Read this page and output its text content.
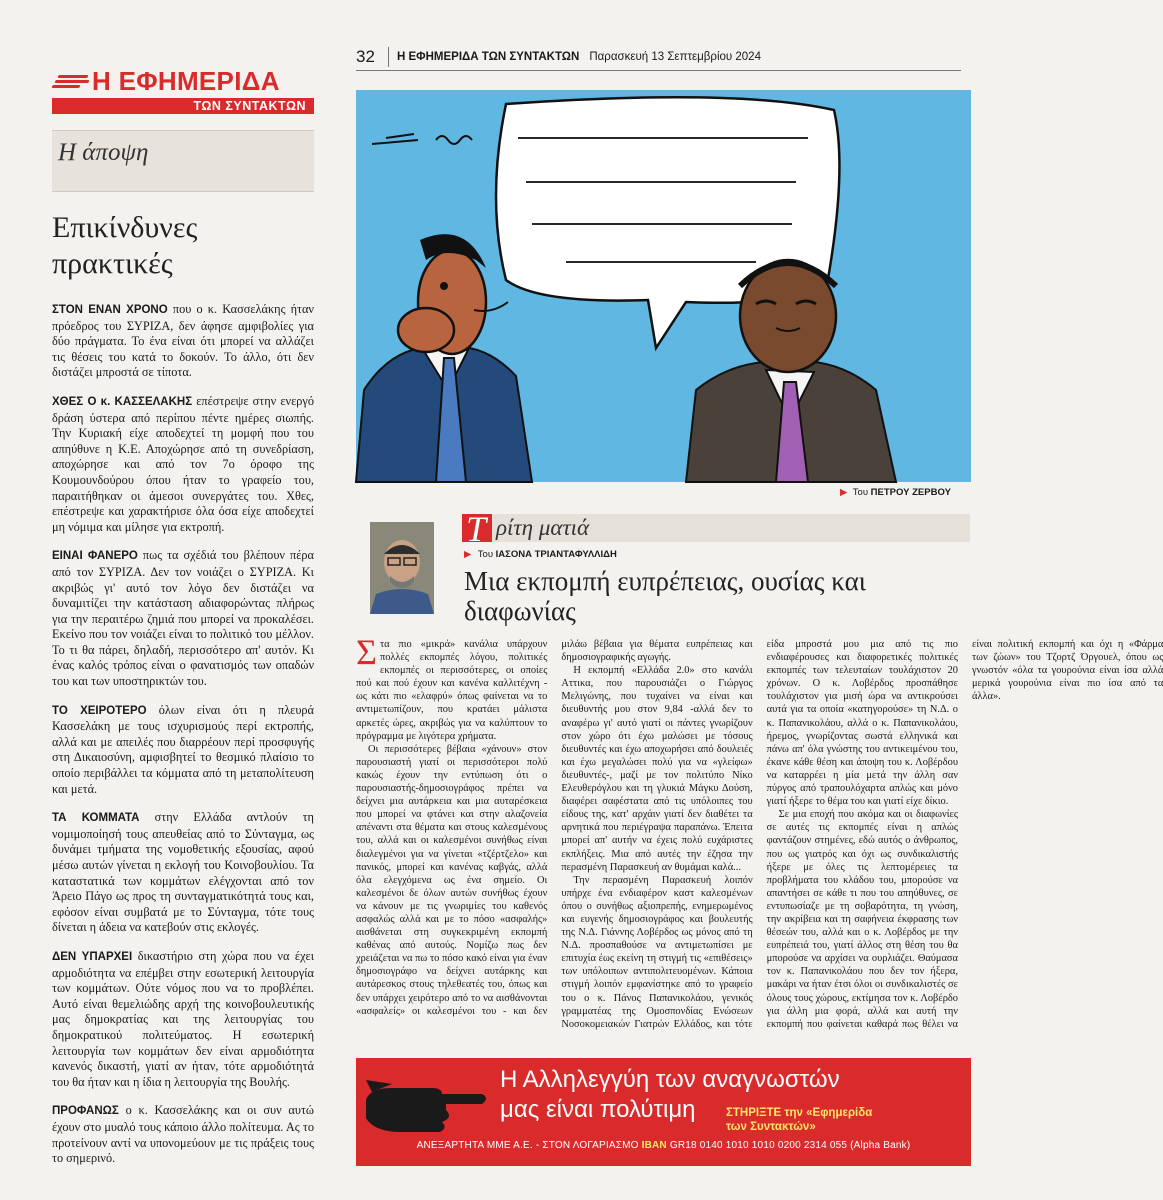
Η ΕΦΗΜΕΡΙΔΑ
ΤΩΝ ΣΥΝΤΑΚΤΩΝ
Η άποψη
Επικίνδυνες πρακτικές

ΣΤΟΝ ΕΝΑΝ ΧΡΟΝΟ που ο κ. Κασσελάκης ήταν πρόεδρος του ΣΥΡΙΖΑ, δεν άφησε αμφιβολίες για δύο πράγματα. Το ένα είναι ότι μπορεί να αλλάζει τις θέσεις του κατά το δοκούν. Το άλλο, ότι δεν διστάζει μπροστά σε τίποτα.

ΧΘΕΣ Ο κ. ΚΑΣΣΕΛΑΚΗΣ επέστρεψε στην ενεργό δράση ύστερα από περίπου πέντε ημέρες σιωπής. Την Κυριακή είχε αποδεχτεί τη μομφή που του απηύθυνε η Κ.Ε. Αποχώρησε από τη συνεδρίαση, αποχώρησε και από τον 7ο όροφο της Κουμουνδούρου όπου ήταν το γραφείο του, παραιτήθηκαν οι άμεσοι συνεργάτες του. Χθες, επέστρεψε και χαρακτήρισε όλα όσα είχε αποδεχτεί μη νόμιμα και μίλησε για εκτροπή.

ΕΙΝΑΙ ΦΑΝΕΡΟ πως τα σχέδιά του βλέπουν πέρα από τον ΣΥΡΙΖΑ. Δεν τον νοιάζει ο ΣΥΡΙΖΑ. Κι ακριβώς γι' αυτό τον λόγο δεν διστάζει να δυναμιτίζει την κατάσταση αδιαφορώντας πλήρως για την περαιτέρω ζημιά που μπορεί να προκαλέσει. Εκείνο που τον νοιάζει είναι το πολιτικό του μέλλον. Το τι θα πάρει, δηλαδή, περισσότερο απ' αυτόν. Κι ένας καλός τρόπος είναι ο φανατισμός των οπαδών του και των υποστηρικτών του.

ΤΟ ΧΕΙΡΟΤΕΡΟ όλων είναι ότι η πλευρά Κασσελάκη με τους ισχυρισμούς περί εκτροπής, αλλά και με απειλές που διαρρέουν περί προσφυγής στη Δικαιοσύνη, αμφισβητεί το θεσμικό πλαίσιο το οποίο περιβάλλει τα κόμματα από τη μεταπολίτευση και μετά.

ΤΑ ΚΟΜΜΑΤΑ στην Ελλάδα αντλούν τη νομιμοποίησή τους απευθείας από το Σύνταγμα, ως δυνάμει τμήματα της νομοθετικής εξουσίας, αφού μέσω αυτών γίνεται η εκλογή του Κοινοβουλίου. Τα καταστατικά των κομμάτων ελέγχονται από τον Άρειο Πάγο ως προς τη συνταγματικότητά τους και, εφόσον είναι συμβατά με το Σύνταγμα, τότε τους δίνεται η άδεια να κατεβούν στις εκλογές.

ΔΕΝ ΥΠΑΡΧΕΙ δικαστήριο στη χώρα που να έχει αρμοδιότητα να επέμβει στην εσωτερική λειτουργία των κομμάτων. Ούτε νόμος που να το προβλέπει. Αυτό είναι θεμελιώδης αρχή της κοινοβουλευτικής μας δημοκρατίας και της λειτουργίας του δημοκρατικού πολιτεύματος. Η εσωτερική λειτουργία των κομμάτων δεν είναι αρμοδιότητα κανενός δικαστή, γιατί αν ήταν, τότε αρμοδιότητά του θα ήταν και η ίδια η λειτουργία της Βουλής.

ΠΡΟΦΑΝΩΣ ο κ. Κασσελάκης και οι συν αυτώ έχουν στο μυαλό τους κάποιο άλλο πολίτευμα. Ας το προτείνουν αντί να υπονομεύουν με τις πράξεις τους το σημερινό.

32	Η ΕΦΗΜΕΡΙΔΑ ΤΩΝ ΣΥΝΤΑΚΤΩΝ Παρασκευή 13 Σεπτεμβρίου 2024
▶ Του ΠΕΤΡΟΥ ΖΕΡΒΟΥ
Τ ρίτη ματιά
▶ Του ΙΑΣΟΝΑ ΤΡΙΑΝΤΑΦΥΛΛΙΔΗ
Μια εκπομπή ευπρέπειας, ουσίας και διαφωνίας

Στα πιο «μικρά» κανάλια υπάρχουν πολλές εκπομπές λόγου, πολιτικές εκπομπές οι περισσότερες, οι οποίες πού και πού έχουν και κανένα καλλιτέχνη - ως κάτι πιο «ελαφρύ» όπως φαίνεται να το αντιμετωπίζουν, που κρατάει μάλιστα αρκετές ώρες, ακριβώς για να καλύπτουν το πρόγραμμα με λιγότερα χρήματα.

Οι περισσότερες βέβαια «χάνουν» στον παρουσιαστή γιατί οι περισσότεροι πολύ κακώς έχουν την εντύπωση ότι ο παρουσιαστής-δημοσιογράφος πρέπει να δείχνει μια αυτάρκεια και μια αυταρέσκεια που μπορεί να φτάνει και στην αλαζονεία απέναντι στα θέματα και στους καλεσμένους του, αλλά και οι καλεσμένοι συνήθως είναι διαλεγμένοι για να γίνεται «τζέρτζελο» και πανικός, μπορεί και κανένας καβγάς, αλλά όλα ελεγχόμενα ως ένα σημείο. Οι καλεσμένοι δε όλων αυτών συνήθως έχουν να κάνουν με τις γνωριμίες του καθενός ασφαλώς αλλά και με το πόσο «ασφαλής» αισθάνεται στη συγκεκριμένη εκπομπή καθένας από αυτούς. Νομίζω πως δεν χρειάζεται να πω το πόσο κακό είναι για έναν δημοσιογράφο να δείχνει αυτάρκης και αυτάρεσκος στους τηλεθεατές του, όπως και δεν υπάρχει χειρότερο από το να αισθάνονται «ασφαλείς» οι καλεσμένοι του - και δεν μιλάω βέβαια για θέματα ευπρέπειας και δημοσιογραφικής αγωγής.

Η εκπομπή «Ελλάδα 2.0» στο κανάλι Αττικα, που παρουσιάζει ο Γιώργος Μελιγώνης, που τυχαίνει να είναι και διευθυντής μου στον 9,84 -αλλά δεν το αναφέρω γι' αυτό γιατί οι πάντες γνωρίζουν στον χώρο ότι έχω μαλώσει με τόσους διευθυντές και έχω αποχωρήσει από δουλειές και έχω μεγαλώσει πολύ για να «γλείφω» διευθυντές-, μαζί με τον πολιτύπο Νίκο Ελευθερόγλου και τη γλυκιά Μάγκυ Δούση, διαφέρει σαφέστατα από τις υπόλοιπες του είδους της, κατ' αρχάιν γιατί δεν διαθέτει τα αρνητικά που περιέγραψα παραπάνω. Έπειτα μπορεί απ' αυτήν να έχεις πολύ ευχάριστες εκπλήξεις. Μια από αυτές την έζησα την περασμένη Παρασκευή αν θυμάμαι καλά...

Την περασμένη Παρασκευή λοιπόν υπήρχε ένα ενδιαφέρον καστ καλεσμένων όπου ο συνήθως αξιοπρεπής, ενημερωμένος και ευγενής δημοσιογράφος και βουλευτής της Ν.Δ. Γιάννης Λοβέρδος ως μόνος από τη Ν.Δ. προσπαθούσε να αντιμετωπίσει με επιτυχία έως εκείνη τη στιγμή τις «επιθέσεις» των υπόλοιπων αντιπολιτευομένων. Κάποια στιγμή λοιπόν εμφανίστηκε από το γραφείο του ο κ. Πάνος Παπανικολάου, γενικός γραμματέας της Ομοσπονδίας Ενώσεων Νοσοκομειακών Γιατρών Ελλάδος, και τότε είδα μπροστά μου μια από τις πιο ενδιαφέρουσες και διαφορετικές πολιτικές εκπομπές των τελευταίων τουλάχιστον 20 χρόνων. Ο κ. Λοβέρδος προσπάθησε τουλάχιστον για μισή ώρα να αντικρούσει αυτά για τα οποία «κατηγορούσε» τη Ν.Δ. ο κ. Παπανικολάου, αλλά ο κ. Παπανικολάου, ήρεμος, γνωρίζοντας σωστά ελληνικά και πάνω απ' όλα γνώστης του αντικειμένου του, έκανε κάθε θέση και άποψη του κ. Λοβέρδου να καταρρέει η μία μετά την άλλη σαν πύργος από τραπουλόχαρτα απλώς και μόνο γιατί ήξερε το θέμα του και γιατί είχε δίκιο.

Σε μια εποχή που ακόμα και οι διαφωνίες σε αυτές τις εκπομπές είναι η απλώς φαντάζουν στημένες, εδώ αυτός ο άνθρωπος, που ως γιατρός και όχι ως συνδικαλιστής ήξερε με όλες τις λεπτομέρειες τα προβλήματα του κλάδου του, μπορούσε να απαντήσει σε κάθε τι που του απηύθυνες, σε εντυπωσίαζε με τη σοβαρότητα, τη γνώση, την ακρίβεια και τη σαφήνεια έκφρασης των θέσεών του, αλλά και ο κ. Λοβέρδος με την ευπρέπειά του, γιατί άλλος στη θέση του θα μπορούσε να αρχίσει να ουρλιάζει. Θαύμασα τον κ. Παπανικολάου που δεν τον ήξερα, μακάρι να ήταν έτσι όλοι οι συνδικαλιστές σε όλους τους χώρους, εκτίμησα τον κ. Λοβέρδο για άλλη μια φορά, αλλά και αυτή την εκπομπή που φαίνεται καθαρά πως θέλει να είναι πολιτική εκπομπή και όχι η «Φάρμα των ζώων» του Τζορτζ Όργουελ, όπου ως γνωστόν «όλα τα γουρούνια είναι ίσα αλλά μερικά γουρούνια είναι πιο ίσα από τα άλλα».

Η Αλληλεγγύη των αναγνωστών
μας είναι πολύτιμη	ΣΤΗΡΙΞΤΕ την «Εφημερίδα
των Συντακτών»
ΑΝΕΞΑΡΤΗΤΑ ΜΜΕ Α.Ε. - ΣΤΟΝ ΛΟΓΑΡΙΑΣΜΟ IBAN GR18 0140 1010 1010 0200 2314 055 (Alpha Bank)
